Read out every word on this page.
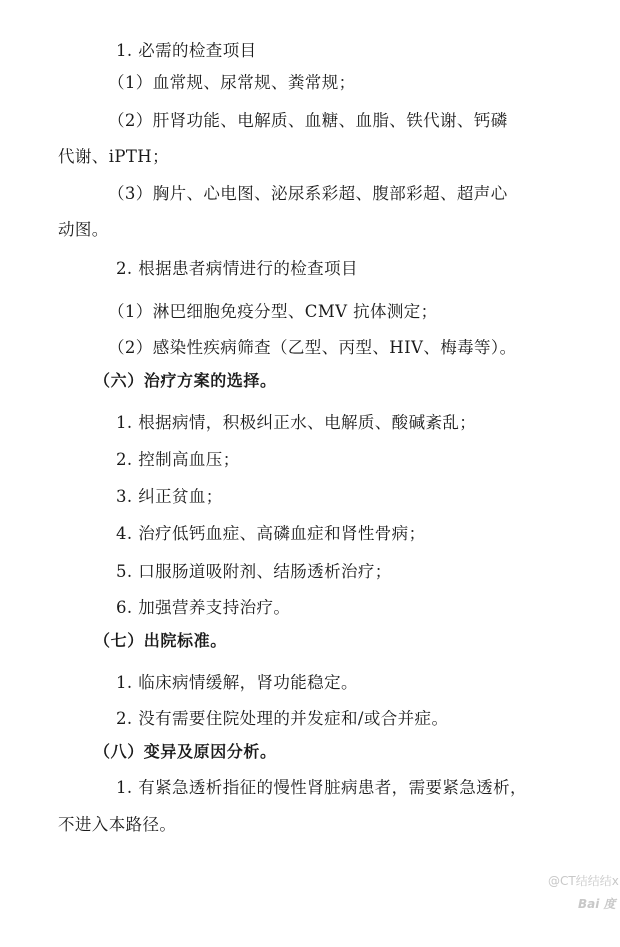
1. 必需的检查项目
（1）血常规、尿常规、粪常规；
（2）肝肾功能、电解质、血糖、血脂、铁代谢、钙磷
代谢、iPTH；
（3）胸片、心电图、泌尿系彩超、腹部彩超、超声心
动图。
2. 根据患者病情进行的检查项目
（1）淋巴细胞免疫分型、CMV 抗体测定；
（2）感染性疾病筛查（乙型、丙型、HIV、梅毒等）。
（六）治疗方案的选择。
1. 根据病情，积极纠正水、电解质、酸碱紊乱；
2. 控制高血压；
3. 纠正贫血；
4. 治疗低钙血症、高磷血症和肾性骨病；
5. 口服肠道吸附剂、结肠透析治疗；
6. 加强营养支持治疗。
（七）出院标准。
1. 临床病情缓解，肾功能稳定。
2. 没有需要住院处理的并发症和/或合并症。
（八）变异及原因分析。
1. 有紧急透析指征的慢性肾脏病患者，需要紧急透析，
不进入本路径。
@CT结结结x
Bai 度
